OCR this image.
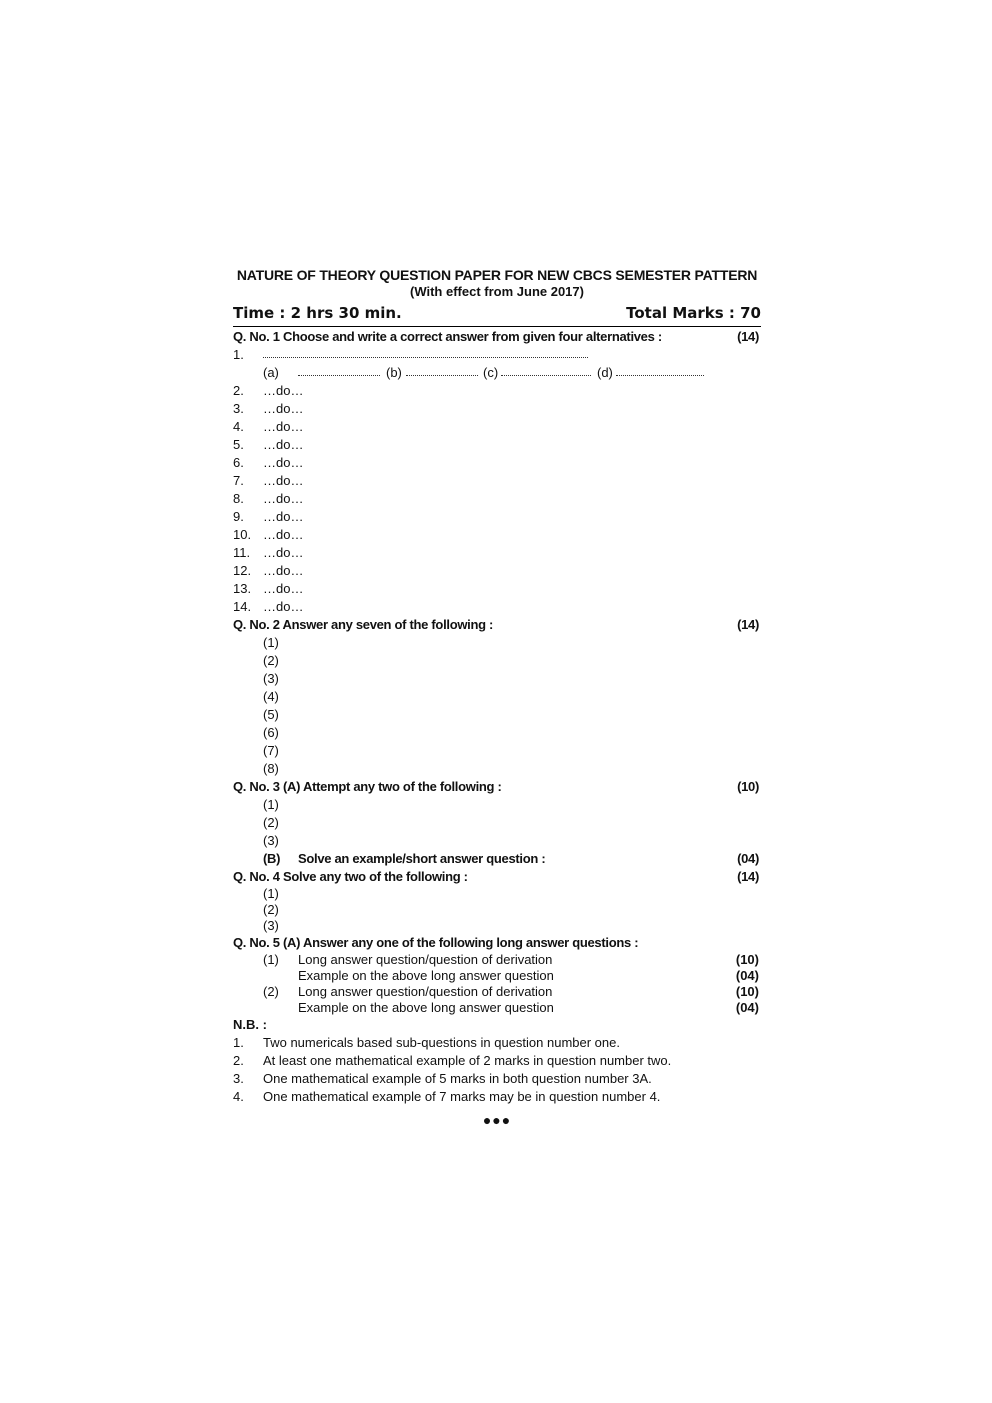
NATURE OF THEORY QUESTION PAPER FOR NEW CBCS SEMESTER PATTERN
(With effect from June 2017)
Time : 2 hrs 30 min.	Total Marks : 70
Q. No. 1 Choose and write a correct answer from given four alternatives :	(14)
1.
(a)	(b)	(c)	(d)
2. …do…
3. …do…
4. …do…
5. …do…
6. …do…
7. …do…
8. …do…
9. …do…
10. …do…
11. …do…
12. …do…
13. …do…
14. …do…
Q. No. 2 Answer any seven of the following :	(14)
(1)
(2)
(3)
(4)
(5)
(6)
(7)
(8)
Q. No. 3 (A) Attempt any two of the following :	(10)
(1)
(2)
(3)
(B) Solve an example/short answer question :	(04)
Q. No. 4 Solve any two of the following :	(14)
(1)
(2)
(3)
Q. No. 5 (A) Answer any one of the following long answer questions :
(1) Long answer question/question of derivation	(10)
Example on the above long answer question	(04)
(2) Long answer question/question of derivation	(10)
Example on the above long answer question	(04)
N.B. :
1. Two numericals based sub-questions in question number one.
2. At least one mathematical example of 2 marks in question number two.
3. One mathematical example of 5 marks in both question number 3A.
4. One mathematical example of 7 marks may be in question number 4.
●●●
